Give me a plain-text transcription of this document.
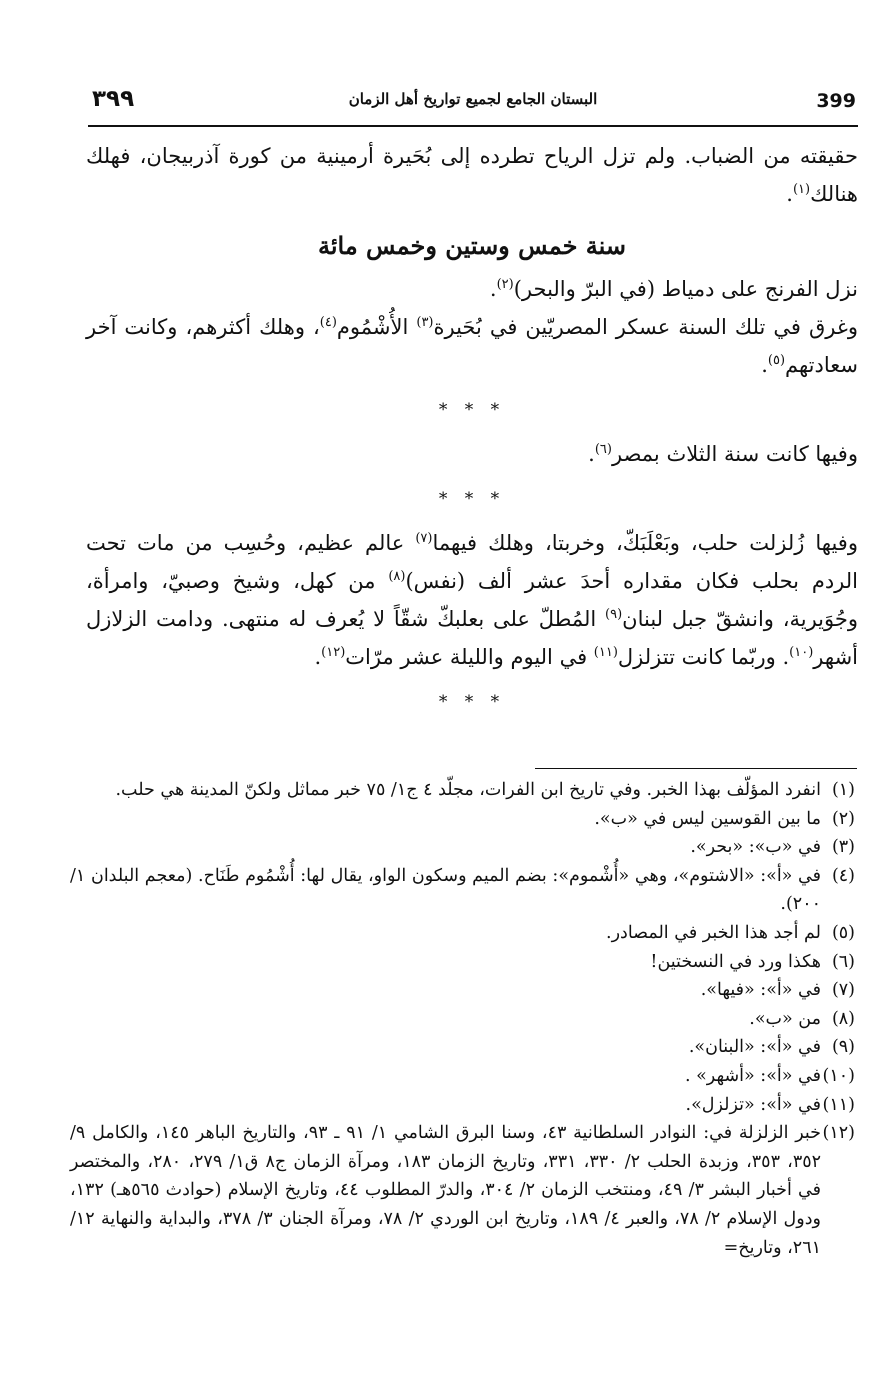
399
البستان الجامع لجميع تواريخ أهل الزمان
٣٩٩

حقيقته من الضباب. ولم تزل الرياح تطرده إلى بُحَيرة أرمينية من كورة آذربيجان، فهلك هنالك$^{(١)}$.

سنة خمس وستين وخمس مائة

نزل الفرنج على دمياط (في البرّ والبحر)$^{(٢)}$.

وغرق في تلك السنة عسكر المصريّين في بُحَيرة$^{(٣)}$ الأُشْمُوم$^{(٤)}$، وهلك أكثرهم، وكانت آخر سعادتهم$^{(٥)}$.

* * *

وفيها كانت سنة الثلاث بمصر$^{(٦)}$.

* * *

وفيها زُلزلت حلب، وبَعْلَبَكّ، وخربتا، وهلك فيهما$^{(٧)}$ عالم عظيم، وحُسِب من مات تحت الردم بحلب فكان مقداره أحدَ عشر ألف (نفس)$^{(٨)}$ من كهل، وشيخ وصبيّ، وامرأة، وجُوَيرية، وانشقّ جبل لبنان$^{(٩)}$ المُطلّ على بعلبكّ شقّاً لا يُعرف له منتهى. ودامت الزلازل أشهر$^{(١٠)}$. وربّما كانت تتزلزل$^{(١١)}$ في اليوم والليلة عشر مرّات$^{(١٢)}$.

* * *

(١)انفرد المؤلّف بهذا الخبر. وفي تاريخ ابن الفرات، مجلّد ٤ ج١/ ٧٥ خبر مماثل ولكنّ المدينة هي حلب.

(٢)ما بين القوسين ليس في «ب».

(٣)في «ب»: «بحر».

(٤)في «أ»: «الاشتوم»، وهي «أُشْموم»: بضم الميم وسكون الواو، يقال لها: أُشْمُوم طَنَاح. (معجم البلدان ١/ ٢٠٠).

(٥)لم أجد هذا الخبر في المصادر.

(٦)هكذا ورد في النسختين!

(٧)في «أ»: «فيها».

(٨)من «ب».

(٩)في «أ»: «البنان».

(١٠)في «أ»: «أشهر» .

(١١)في «أ»: «تزلزل».

(١٢)خبر الزلزلة في: النوادر السلطانية ٤٣، وسنا البرق الشامي ١/ ٩١ ـ ٩٣، والتاريخ الباهر ١٤٥، والكامل ٩/ ٣٥٢، ٣٥٣، وزبدة الحلب ٢/ ٣٣٠، ٣٣١، وتاريخ الزمان ١٨٣، ومرآة الزمان ج٨ ق١/ ٢٧٩، ٢٨٠، والمختصر في أخبار البشر ٣/ ٤٩، ومنتخب الزمان ٢/ ٣٠٤، والدرّ المطلوب ٤٤، وتاريخ الإسلام (حوادث ٥٦٥هـ) ١٣٢، ودول الإسلام ٢/ ٧٨، والعبر ٤/ ١٨٩، وتاريخ ابن الوردي ٢/ ٧٨، ومرآة الجنان ٣/ ٣٧٨، والبداية والنهاية ١٢/ ٢٦١، وتاريخ=
